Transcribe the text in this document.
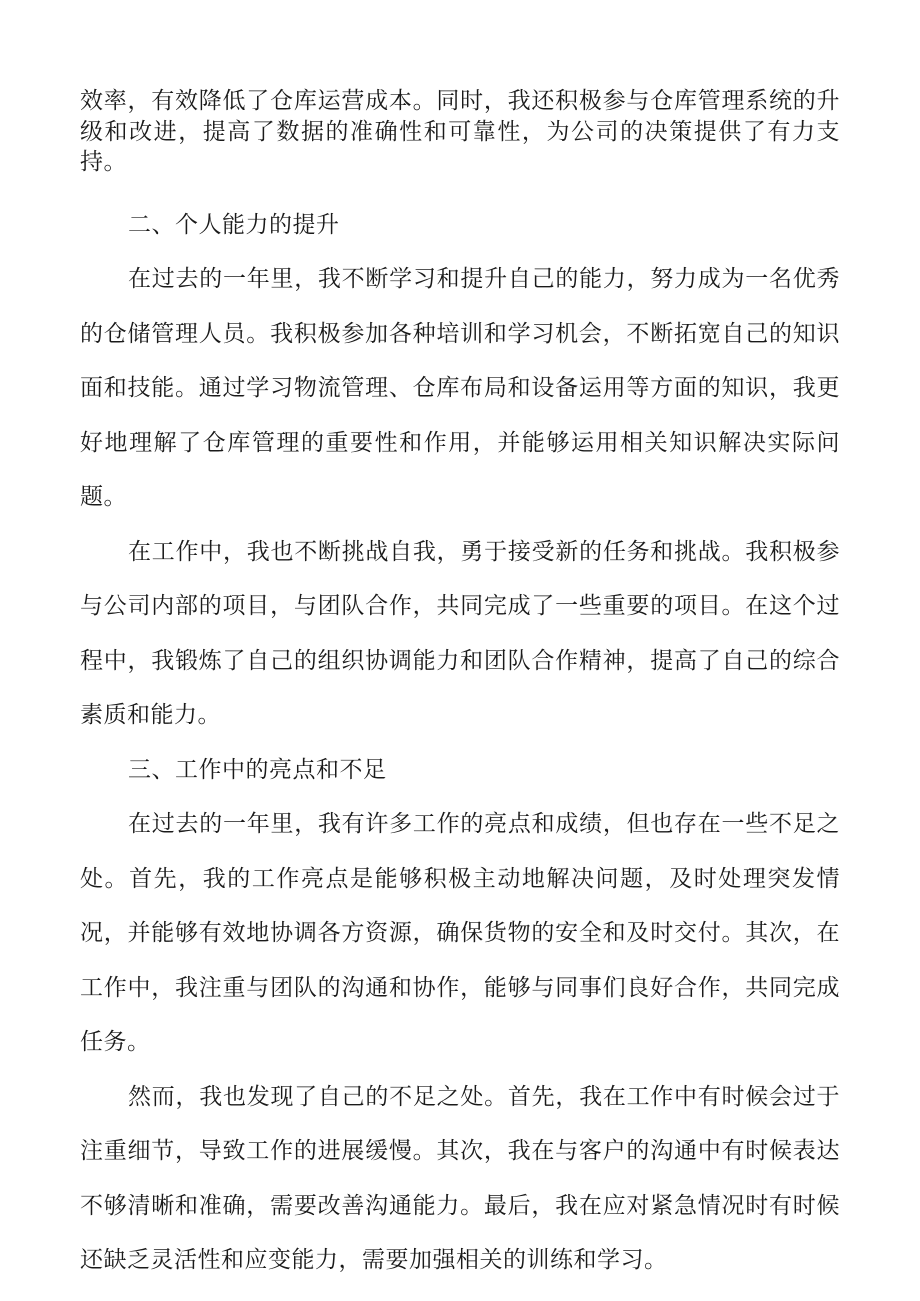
效率，有效降低了仓库运营成本。同时，我还积极参与仓库管理系统的升级和改进，提高了数据的准确性和可靠性，为公司的决策提供了有力支持。

二、个人能力的提升

在过去的一年里，我不断学习和提升自己的能力，努力成为一名优秀的仓储管理人员。我积极参加各种培训和学习机会，不断拓宽自己的知识面和技能。通过学习物流管理、仓库布局和设备运用等方面的知识，我更好地理解了仓库管理的重要性和作用，并能够运用相关知识解决实际问题。

在工作中，我也不断挑战自我，勇于接受新的任务和挑战。我积极参与公司内部的项目，与团队合作，共同完成了一些重要的项目。在这个过程中，我锻炼了自己的组织协调能力和团队合作精神，提高了自己的综合素质和能力。

三、工作中的亮点和不足

在过去的一年里，我有许多工作的亮点和成绩，但也存在一些不足之处。首先，我的工作亮点是能够积极主动地解决问题，及时处理突发情况，并能够有效地协调各方资源，确保货物的安全和及时交付。其次，在工作中，我注重与团队的沟通和协作，能够与同事们良好合作，共同完成任务。

然而，我也发现了自己的不足之处。首先，我在工作中有时候会过于注重细节，导致工作的进展缓慢。其次，我在与客户的沟通中有时候表达不够清晰和准确，需要改善沟通能力。最后，我在应对紧急情况时有时候还缺乏灵活性和应变能力，需要加强相关的训练和学习。
